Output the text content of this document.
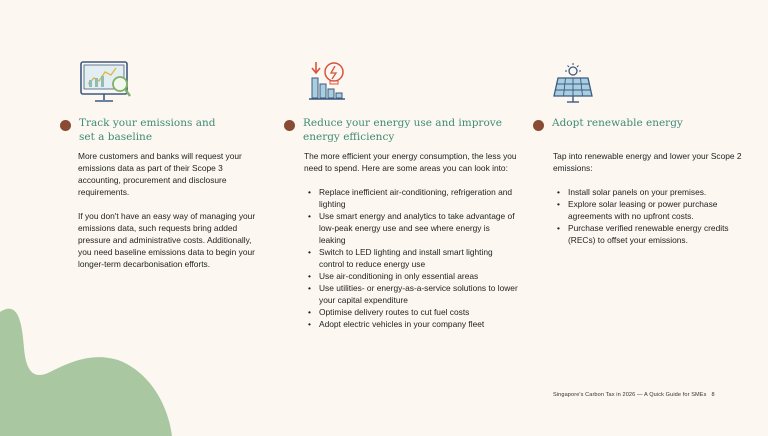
Track your emissions and
set a baseline

More customers and banks will request your emissions data as part of their Scope 3 accounting, procurement and disclosure requirements.

If you don't have an easy way of managing your emissions data, such requests bring added pressure and administrative costs. Additionally, you need baseline emissions data to begin your longer-term decarbonisation efforts.

Reduce your energy use and improve
energy efficiency

The more efficient your energy consumption, the less you need to spend. Here are some areas you can look into:

• Replace inefficient air-conditioning, refrigeration and lighting
• Use smart energy and analytics to take advantage of low-peak energy use and see where energy is leaking
• Switch to LED lighting and install smart lighting control to reduce energy use
• Use air-conditioning in only essential areas
• Use utilities- or energy-as-a-service solutions to lower your capital expenditure
• Optimise delivery routes to cut fuel costs
• Adopt electric vehicles in your company fleet
Adopt renewable energy

Tap into renewable energy and lower your Scope 2 emissions:

• Install solar panels on your premises.
• Explore solar leasing or power purchase agreements with no upfront costs.
• Purchase verified renewable energy credits (RECs) to offset your emissions.
Singapore's Carbon Tax in 2026 — A Quick Guide for SMEs 8
